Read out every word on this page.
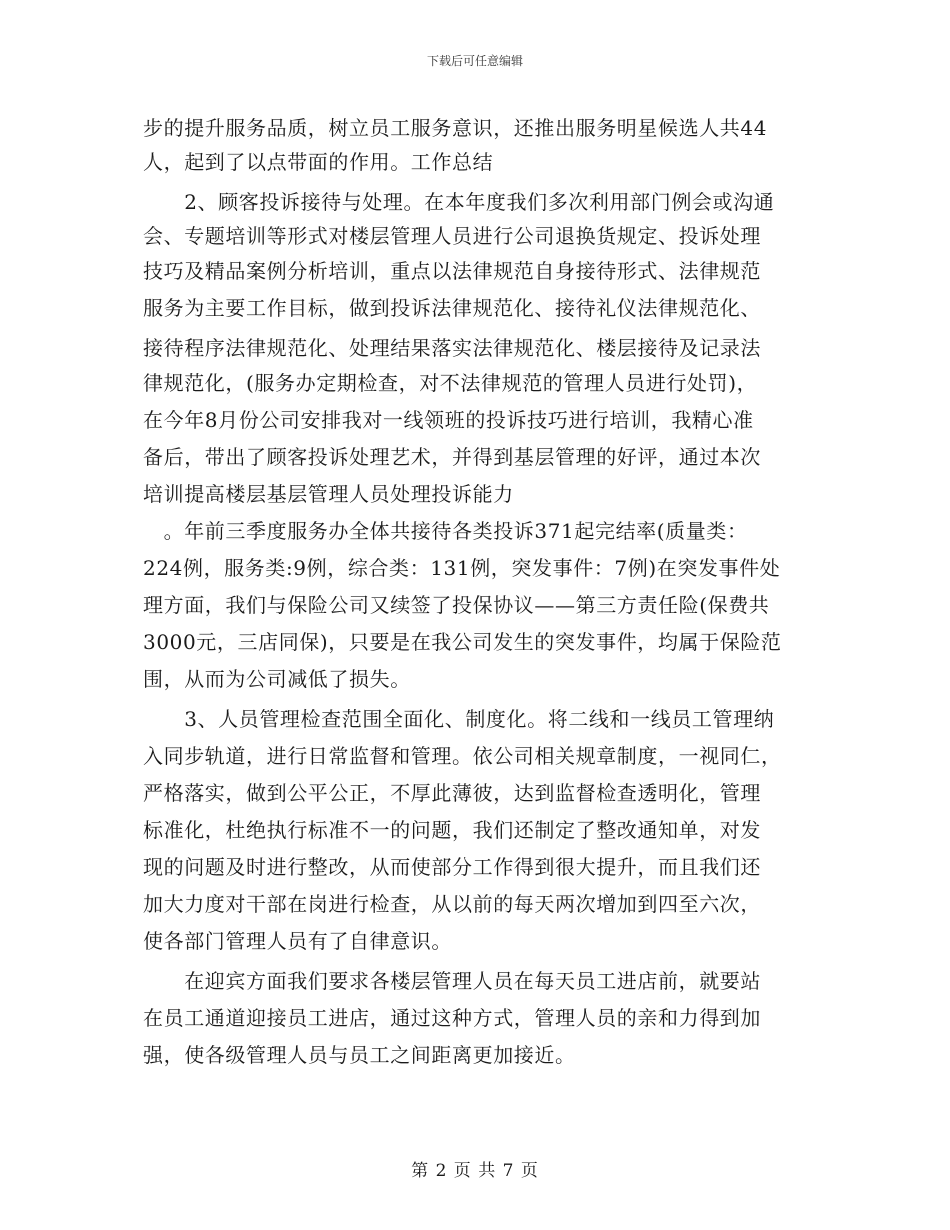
下载后可任意编辑
步的提升服务品质，树立员工服务意识，还推出服务明星候选人共44
人，起到了以点带面的作用。工作总结
　　2、顾客投诉接待与处理。在本年度我们多次利用部门例会或沟通
会、专题培训等形式对楼层管理人员进行公司退换货规定、投诉处理
技巧及精品案例分析培训，重点以法律规范自身接待形式、法律规范
服务为主要工作目标，做到投诉法律规范化、接待礼仪法律规范化、
接待程序法律规范化、处理结果落实法律规范化、楼层接待及记录法
律规范化，(服务办定期检查，对不法律规范的管理人员进行处罚)，
在今年8月份公司安排我对一线领班的投诉技巧进行培训，我精心准
备后，带出了顾客投诉处理艺术，并得到基层管理的好评，通过本次
培训提高楼层基层管理人员处理投诉能力
　。年前三季度服务办全体共接待各类投诉371起完结率(质量类：
224例，服务类:9例，综合类：131例，突发事件：7例)在突发事件处
理方面，我们与保险公司又续签了投保协议——第三方责任险(保费共
3000元，三店同保)，只要是在我公司发生的突发事件，均属于保险范
围，从而为公司减低了损失。
　　3、人员管理检查范围全面化、制度化。将二线和一线员工管理纳
入同步轨道，进行日常监督和管理。依公司相关规章制度，一视同仁，
严格落实，做到公平公正，不厚此薄彼，达到监督检查透明化，管理
标准化，杜绝执行标准不一的问题，我们还制定了整改通知单，对发
现的问题及时进行整改，从而使部分工作得到很大提升，而且我们还
加大力度对干部在岗进行检查，从以前的每天两次增加到四至六次，
使各部门管理人员有了自律意识。
　　在迎宾方面我们要求各楼层管理人员在每天员工进店前，就要站
在员工通道迎接员工进店，通过这种方式，管理人员的亲和力得到加
强，使各级管理人员与员工之间距离更加接近。
第 2 页 共 7 页
